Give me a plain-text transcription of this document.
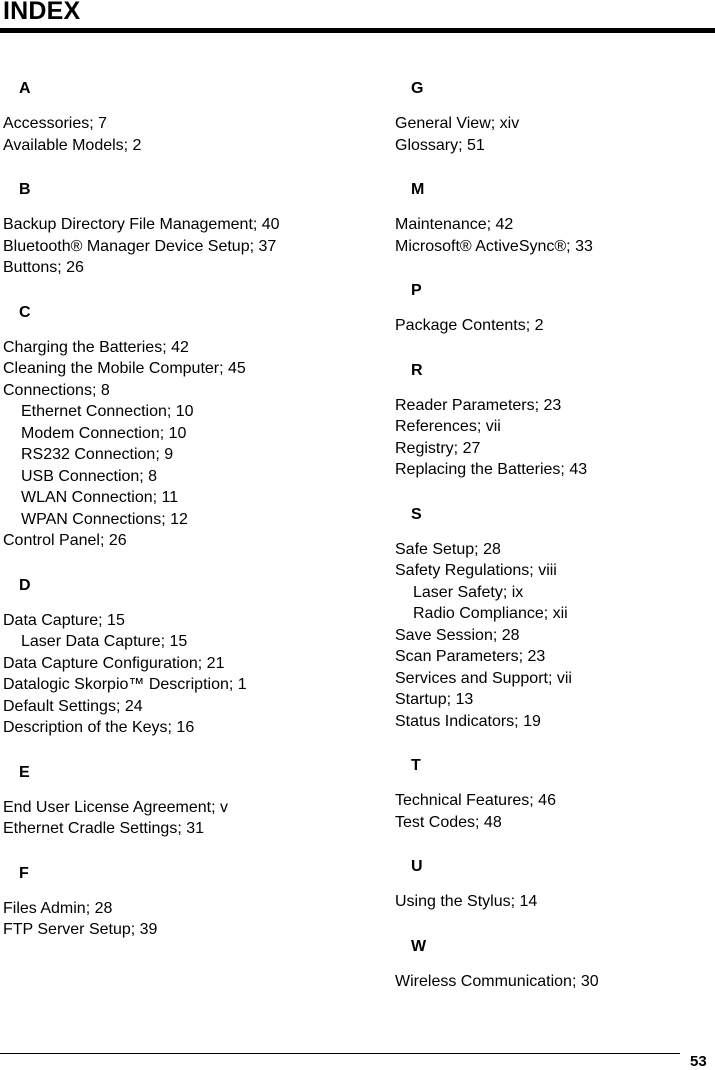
INDEX
A
Accessories; 7
Available Models; 2
B
Backup Directory File Management; 40
Bluetooth® Manager Device Setup; 37
Buttons; 26
C
Charging the Batteries; 42
Cleaning the Mobile Computer; 45
Connections; 8
Ethernet Connection; 10
Modem Connection; 10
RS232 Connection; 9
USB Connection; 8
WLAN Connection; 11
WPAN Connections; 12
Control Panel; 26
D
Data Capture; 15
Laser Data Capture; 15
Data Capture Configuration; 21
Datalogic Skorpio™ Description; 1
Default Settings; 24
Description of the Keys; 16
E
End User License Agreement; v
Ethernet Cradle Settings; 31
F
Files Admin; 28
FTP Server Setup; 39
G
General View; xiv
Glossary; 51
M
Maintenance; 42
Microsoft® ActiveSync®; 33
P
Package Contents; 2
R
Reader Parameters; 23
References; vii
Registry; 27
Replacing the Batteries; 43
S
Safe Setup; 28
Safety Regulations; viii
Laser Safety; ix
Radio Compliance; xii
Save Session; 28
Scan Parameters; 23
Services and Support; vii
Startup; 13
Status Indicators; 19
T
Technical Features; 46
Test Codes; 48
U
Using the Stylus; 14
W
Wireless Communication; 30
53
